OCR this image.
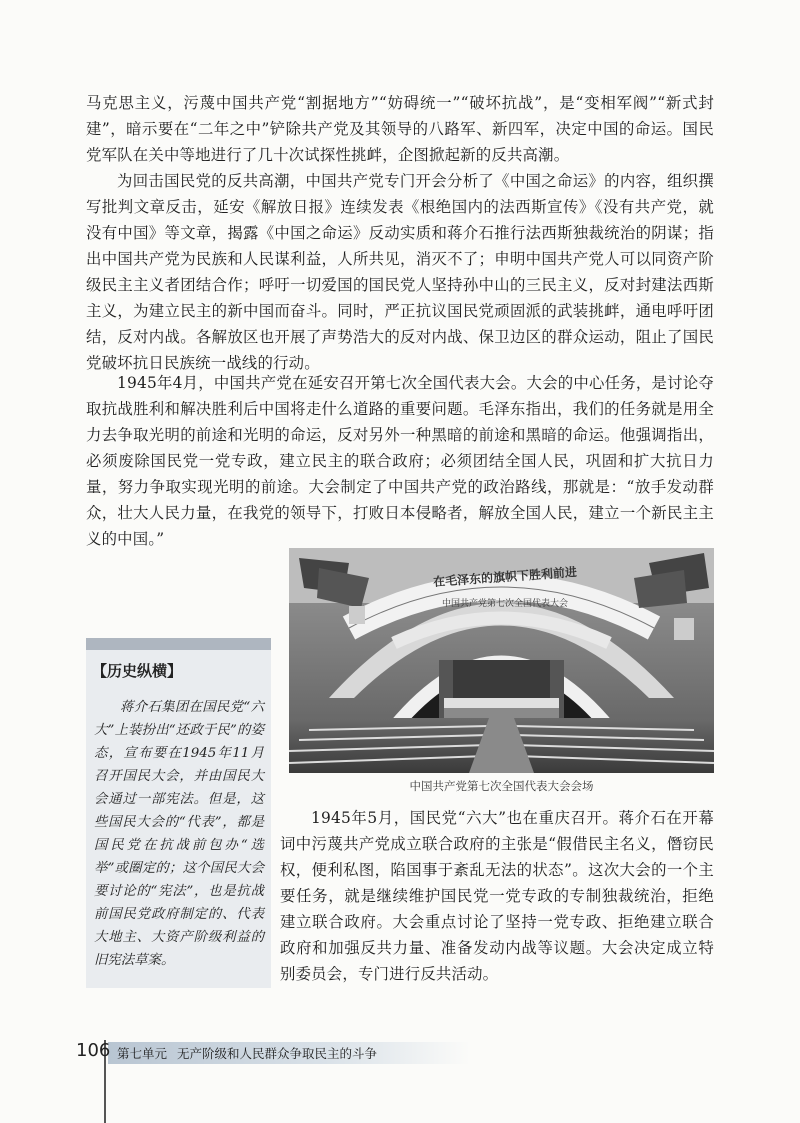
马克思主义，污蔑中国共产党“割据地方”“妨碍统一”“破坏抗战”，是“变相军阀”“新式封建”，暗示要在“二年之中”铲除共产党及其领导的八路军、新四军，决定中国的命运。国民党军队在关中等地进行了几十次试探性挑衅，企图掀起新的反共高潮。

为回击国民党的反共高潮，中国共产党专门开会分析了《中国之命运》的内容，组织撰写批判文章反击，延安《解放日报》连续发表《根绝国内的法西斯宣传》《没有共产党，就没有中国》等文章，揭露《中国之命运》反动实质和蒋介石推行法西斯独裁统治的阴谋；指出中国共产党为民族和人民谋利益，人所共见，消灭不了；申明中国共产党人可以同资产阶级民主主义者团结合作；呼吁一切爱国的国民党人坚持孙中山的三民主义，反对封建法西斯主义，为建立民主的新中国而奋斗。同时，严正抗议国民党顽固派的武装挑衅，通电呼吁团结，反对内战。各解放区也开展了声势浩大的反对内战、保卫边区的群众运动，阻止了国民党破坏抗日民族统一战线的行动。

1945年4月，中国共产党在延安召开第七次全国代表大会。大会的中心任务，是讨论夺取抗战胜利和解决胜利后中国将走什么道路的重要问题。毛泽东指出，我们的任务就是用全力去争取光明的前途和光明的命运，反对另外一种黑暗的前途和黑暗的命运。他强调指出，必须废除国民党一党专政，建立民主的联合政府；必须团结全国人民，巩固和扩大抗日力量，努力争取实现光明的前途。大会制定了中国共产党的政治路线，那就是：“放手发动群众，壮大人民力量，在我党的领导下，打败日本侵略者，解放全国人民，建立一个新民主主义的中国。”

中国共产党第七次全国代表大会会场
【历史纵横】
蒋介石集团在国民党“六大”上装扮出“还政于民”的姿态，宣布要在1945年11月召开国民大会，并由国民大会通过一部宪法。但是，这些国民大会的“代表”，都是国民党在抗战前包办“选举”或圈定的；这个国民大会要讨论的“宪法”，也是抗战前国民党政府制定的、代表大地主、大资产阶级利益的旧宪法草案。

1945年5月，国民党“六大”也在重庆召开。蒋介石在开幕词中污蔑共产党成立联合政府的主张是“假借民主名义，僭窃民权，便利私图，陷国事于紊乱无法的状态”。这次大会的一个主要任务，就是继续维护国民党一党专政的专制独裁统治，拒绝建立联合政府。大会重点讨论了坚持一党专政、拒绝建立联合政府和加强反共力量、准备发动内战等议题。大会决定成立特别委员会，专门进行反共活动。

106 第七单元 无产阶级和人民群众争取民主的斗争
在毛泽东的旗帜下胜利前进
中国共产党第七次全国代表大会
